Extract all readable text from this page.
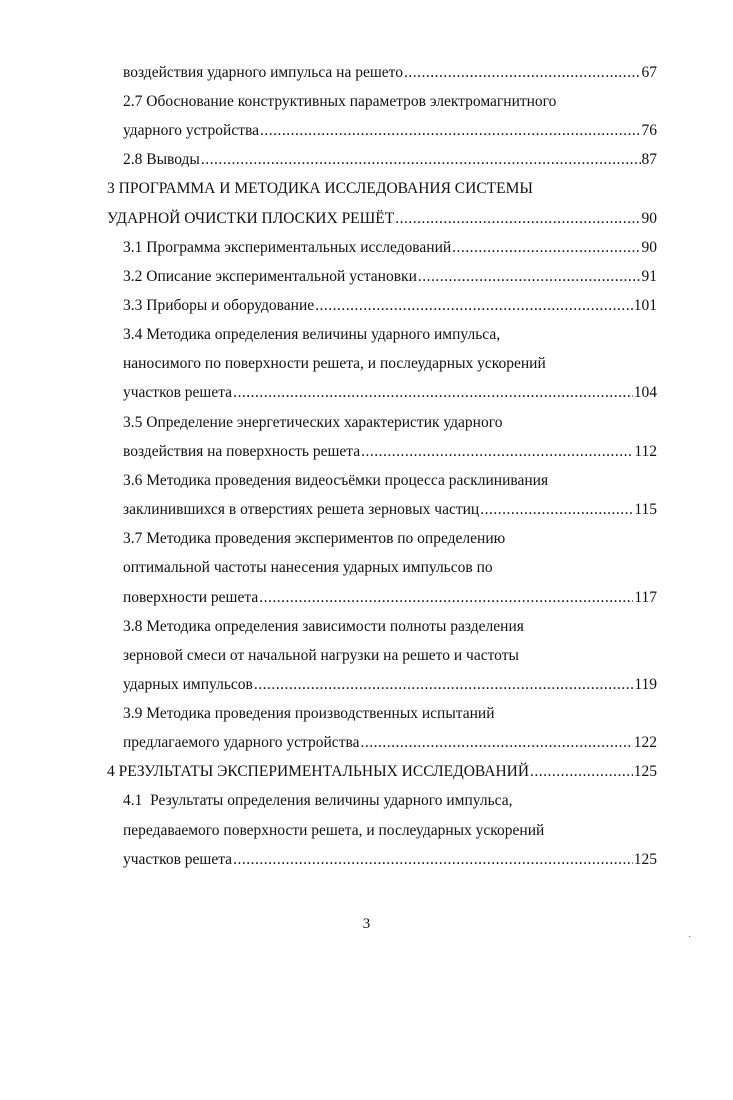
воздействия ударного импульса на решето .....	67
2.7 Обоснование конструктивных параметров электромагнитного
ударного устройства .....	76
2.8 Выводы .....	87
3 ПРОГРАММА И МЕТОДИКА ИССЛЕДОВАНИЯ СИСТЕМЫ
УДАРНОЙ ОЧИСТКИ ПЛОСКИХ РЕШЁТ .....	90
3.1 Программа экспериментальных исследований .....	90
3.2 Описание экспериментальной установки .....	91
3.3 Приборы и оборудование .....	101
3.4 Методика определения величины ударного импульса,
наносимого по поверхности решета, и послеударных ускорений
участков решета .....	104
3.5 Определение энергетических характеристик ударного
воздействия на поверхность решета .....	112
3.6 Методика проведения видеосъёмки процесса расклинивания
заклинившихся в отверстиях решета зерновых частиц .....	115
3.7 Методика проведения экспериментов по определению
оптимальной частоты нанесения ударных импульсов по
поверхности решета .....	117
3.8 Методика определения зависимости полноты разделения
зерновой смеси от начальной нагрузки на решето и частоты
ударных импульсов .....	119
3.9 Методика проведения производственных испытаний
предлагаемого ударного устройства .....	122
4 РЕЗУЛЬТАТЫ ЭКСПЕРИМЕНТАЛЬНЫХ ИССЛЕДОВАНИЙ .....	125
4.1  Результаты определения величины ударного импульса,
передаваемого поверхности решета, и послеударных ускорений
участков решета .....	125
3
·
